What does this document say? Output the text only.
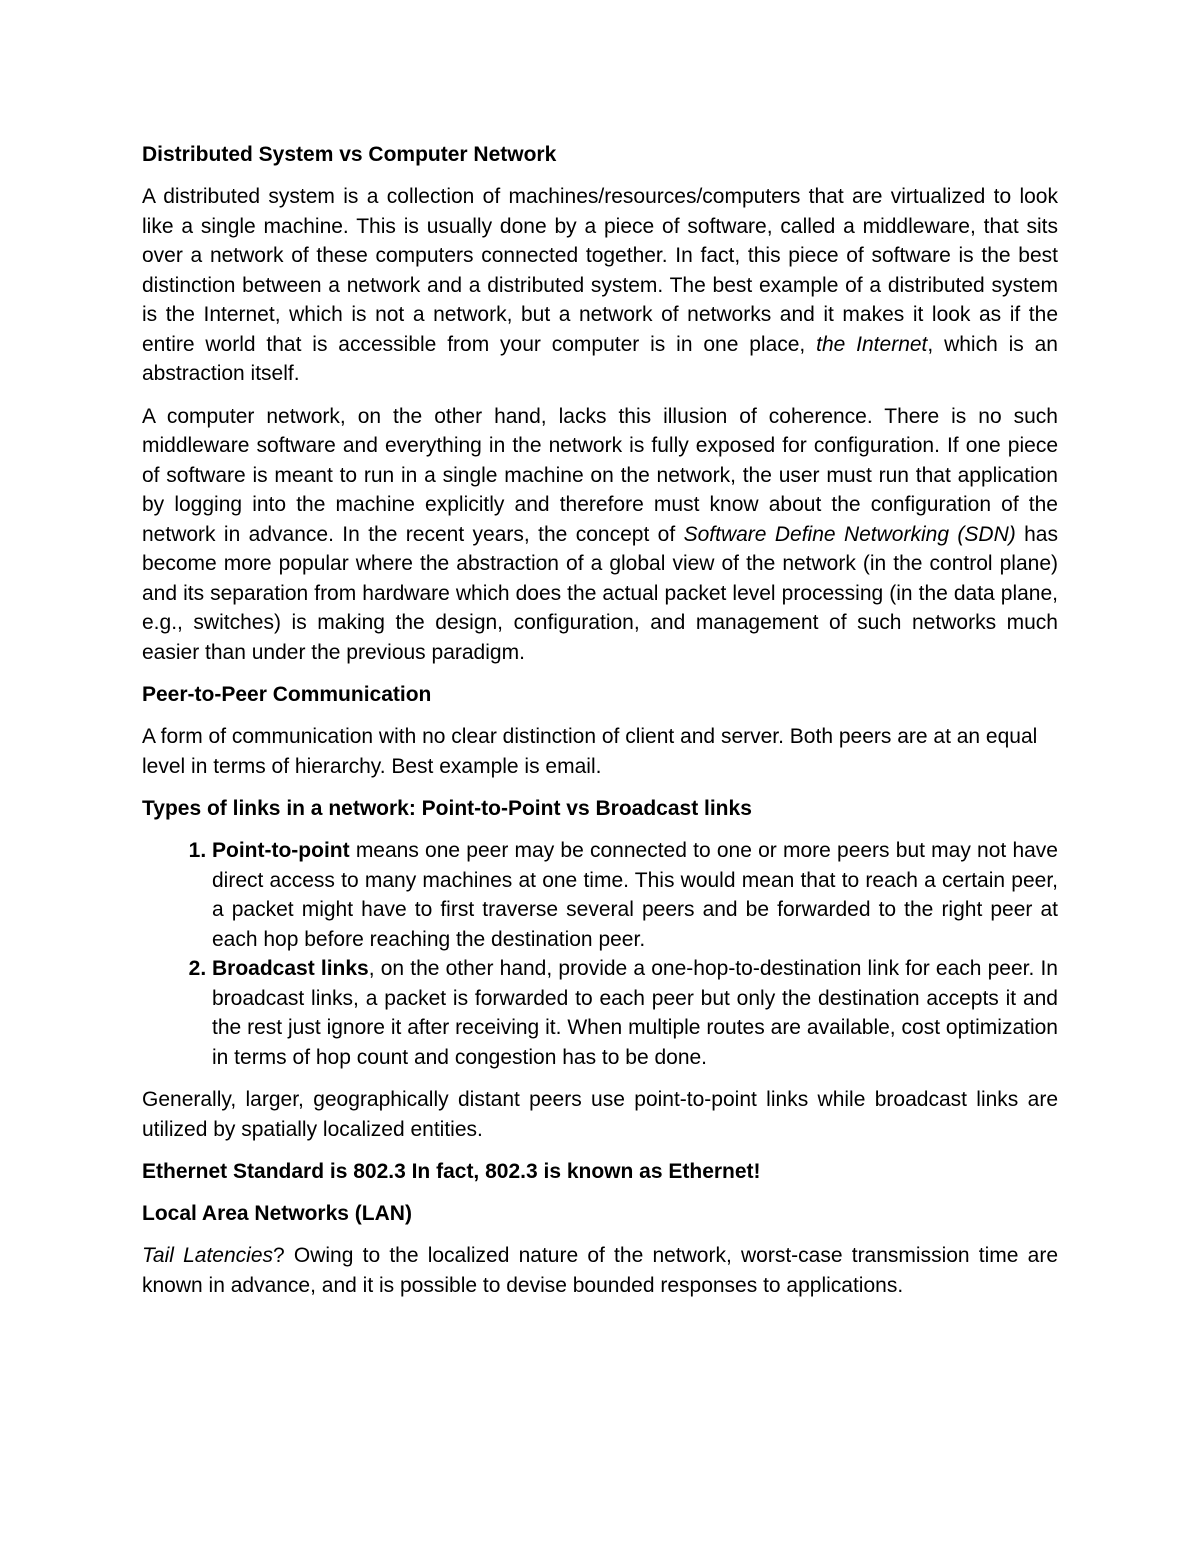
Distributed System vs Computer Network

A distributed system is a collection of machines/resources/computers that are virtualized to look like a single machine. This is usually done by a piece of software, called a middleware, that sits over a network of these computers connected together. In fact, this piece of software is the best distinction between a network and a distributed system. The best example of a distributed system is the Internet, which is not a network, but a network of networks and it makes it look as if the entire world that is accessible from your computer is in one place, the Internet, which is an abstraction itself.

A computer network, on the other hand, lacks this illusion of coherence. There is no such middleware software and everything in the network is fully exposed for configuration. If one piece of software is meant to run in a single machine on the network, the user must run that application by logging into the machine explicitly and therefore must know about the configuration of the network in advance. In the recent years, the concept of Software Define Networking (SDN) has become more popular where the abstraction of a global view of the network (in the control plane) and its separation from hardware which does the actual packet level processing (in the data plane, e.g., switches) is making the design, configuration, and management of such networks much easier than under the previous paradigm.

Peer-to-Peer Communication

A form of communication with no clear distinction of client and server. Both peers are at an equal level in terms of hierarchy. Best example is email.

Types of links in a network: Point-to-Point vs Broadcast links
1. Point-to-point means one peer may be connected to one or more peers but may not have direct access to many machines at one time. This would mean that to reach a certain peer, a packet might have to first traverse several peers and be forwarded to the right peer at each hop before reaching the destination peer.
2. Broadcast links, on the other hand, provide a one-hop-to-destination link for each peer. In broadcast links, a packet is forwarded to each peer but only the destination accepts it and the rest just ignore it after receiving it. When multiple routes are available, cost optimization in terms of hop count and congestion has to be done.

Generally, larger, geographically distant peers use point-to-point links while broadcast links are utilized by spatially localized entities.

Ethernet Standard is 802.3 In fact, 802.3 is known as Ethernet!
Local Area Networks (LAN)

Tail Latencies? Owing to the localized nature of the network, worst-case transmission time are known in advance, and it is possible to devise bounded responses to applications.
